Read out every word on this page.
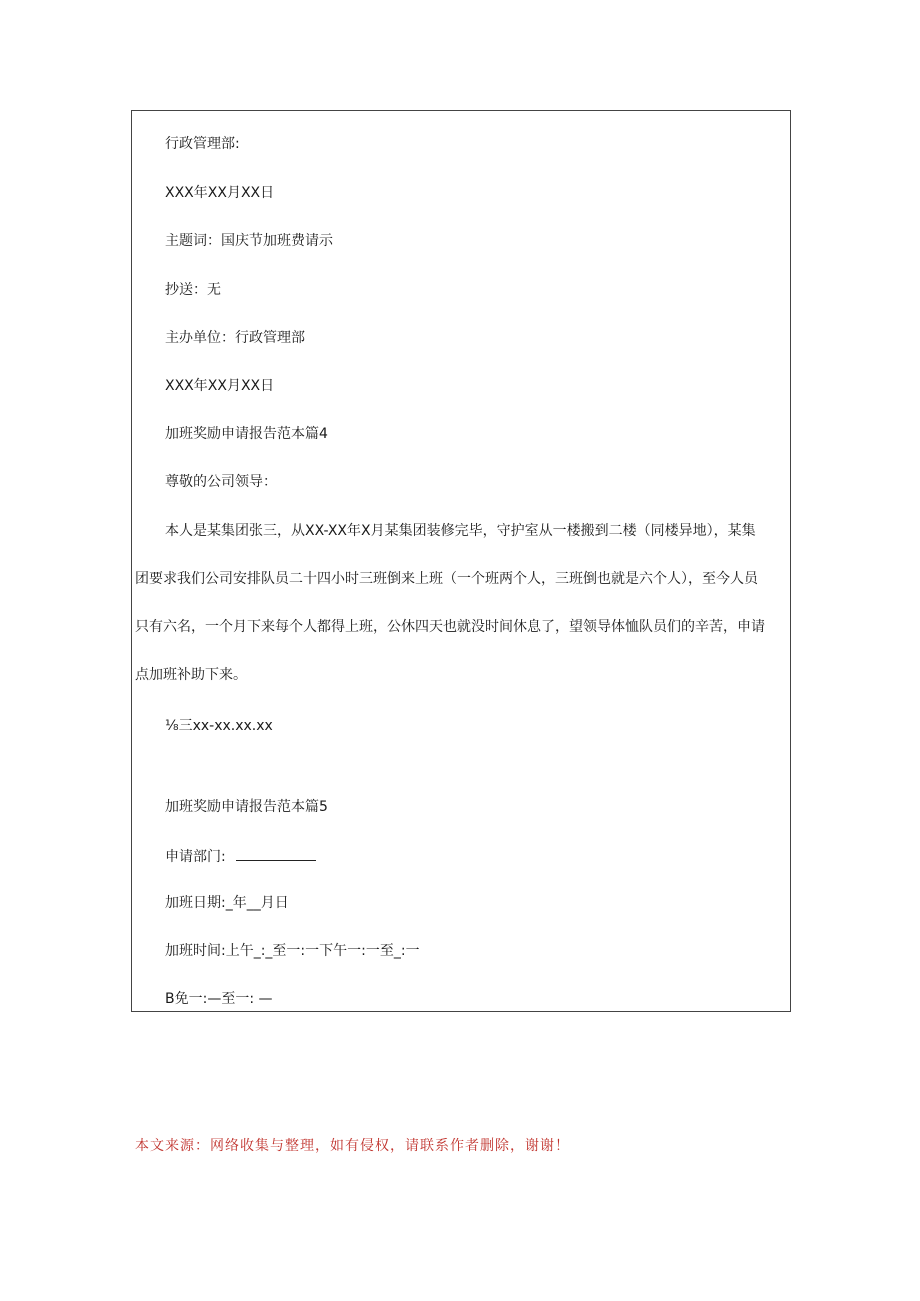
行政管理部:
XXX年XX月XX日
主题词：国庆节加班费请示
抄送：无
主办单位：行政管理部
XXX年XX月XX日
加班奖励申请报告范本篇4
尊敬的公司领导：
本人是某集团张三，从XX-XX年X月某集团装修完毕，守护室从一楼搬到二楼（同楼异地），某集
团要求我们公司安排队员二十四小时三班倒来上班（一个班两个人，三班倒也就是六个人），至今人员
只有六名，一个月下来每个人都得上班，公休四天也就没时间休息了，望领导体恤队员们的辛苦，申请
点加班补助下来。
⅛三xx-xx.xx.xx
加班奖励申请报告范本篇5
申请部门:
加班日期:_年__月日
加班时间:上午_:_至一:一下午一:一至_:一
B免一:—至一: —
本文来源：网络收集与整理，如有侵权，请联系作者删除，谢谢！
